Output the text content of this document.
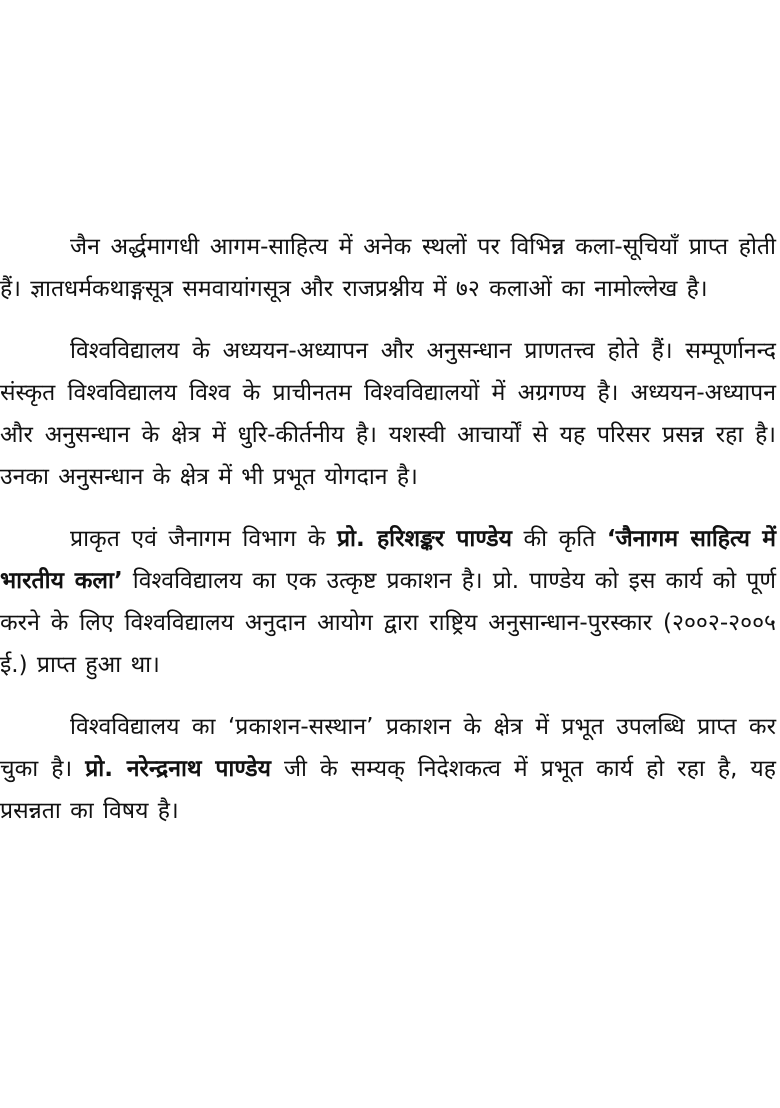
जैन अर्द्धमागधी आगम-साहित्य में अनेक स्थलों पर विभिन्न कला-सूचियाँ प्राप्त होती हैं। ज्ञातधर्मकथाङ्गसूत्र समवायांगसूत्र और राजप्रश्नीय में ७२ कलाओं का नामोल्लेख है।

विश्वविद्यालय के अध्ययन-अध्यापन और अनुसन्धान प्राणतत्त्व होते हैं। सम्पूर्णानन्द संस्कृत विश्वविद्यालय विश्व के प्राचीनतम विश्वविद्यालयों में अग्रगण्य है। अध्ययन-अध्यापन और अनुसन्धान के क्षेत्र में धुरि-कीर्तनीय है। यशस्वी आचार्यों से यह परिसर प्रसन्न रहा है। उनका अनुसन्धान के क्षेत्र में भी प्रभूत योगदान है।

प्राकृत एवं जैनागम विभाग के प्रो. हरिशङ्कर पाण्डेय की कृति ‘जैनागम साहित्य में भारतीय कला’ विश्वविद्यालय का एक उत्कृष्ट प्रकाशन है। प्रो. पाण्डेय को इस कार्य को पूर्ण करने के लिए विश्वविद्यालय अनुदान आयोग द्वारा राष्ट्रिय अनुसान्धान-पुरस्कार (२००२-२००५ ई.) प्राप्त हुआ था।

विश्वविद्यालय का ‘प्रकाशन-सस्थान’ प्रकाशन के क्षेत्र में प्रभूत उपलब्धि प्राप्त कर चुका है। प्रो. नरेन्द्रनाथ पाण्डेय जी के सम्यक् निदेशकत्व में प्रभूत कार्य हो रहा है, यह प्रसन्नता का विषय है।
